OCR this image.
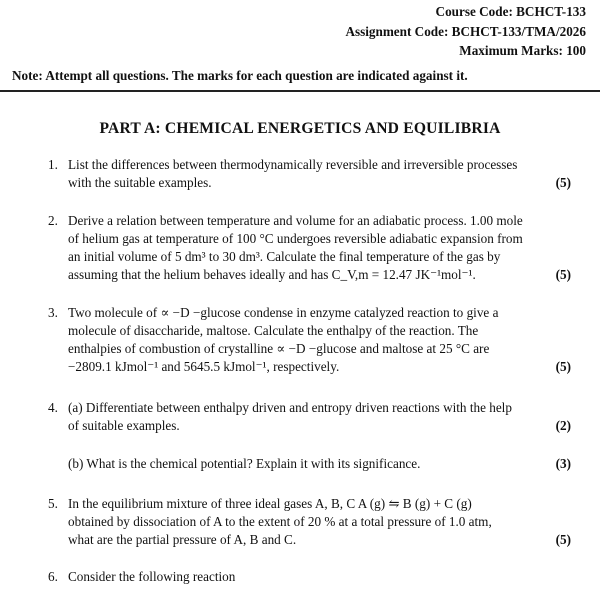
Course Code: BCHCT-133
Assignment Code: BCHCT-133/TMA/2026
Maximum Marks: 100
Note: Attempt all questions. The marks for each question are indicated against it.
PART A: CHEMICAL ENERGETICS AND EQUILIBRIA
1. List the differences between thermodynamically reversible and irreversible processes
with the suitable examples.	(5)
2. Derive a relation between temperature and volume for an adiabatic process. 1.00 mole
of helium gas at temperature of 100 °C undergoes reversible adiabatic expansion from
an initial volume of 5 dm³ to 30 dm³. Calculate the final temperature of the gas by
assuming that the helium behaves ideally and has C_V,m = 12.47 JK⁻¹mol⁻¹.	(5)
3. Two molecule of ∝ −D −glucose condense in enzyme catalyzed reaction to give a
molecule of disaccharide, maltose. Calculate the enthalpy of the reaction. The
enthalpies of combustion of crystalline ∝ −D −glucose and maltose at 25 °C are
−2809.1 kJmol⁻¹ and 5645.5 kJmol⁻¹, respectively.	(5)
4. (a) Differentiate between enthalpy driven and entropy driven reactions with the help
of suitable examples.	(2)
(b) What is the chemical potential? Explain it with its significance.	(3)
5. In the equilibrium mixture of three ideal gases A, B, C A (g) ⇋ B (g) + C (g)
obtained by dissociation of A to the extent of 20 % at a total pressure of 1.0 atm,
what are the partial pressure of A, B and C.	(5)
6. Consider the following reaction
